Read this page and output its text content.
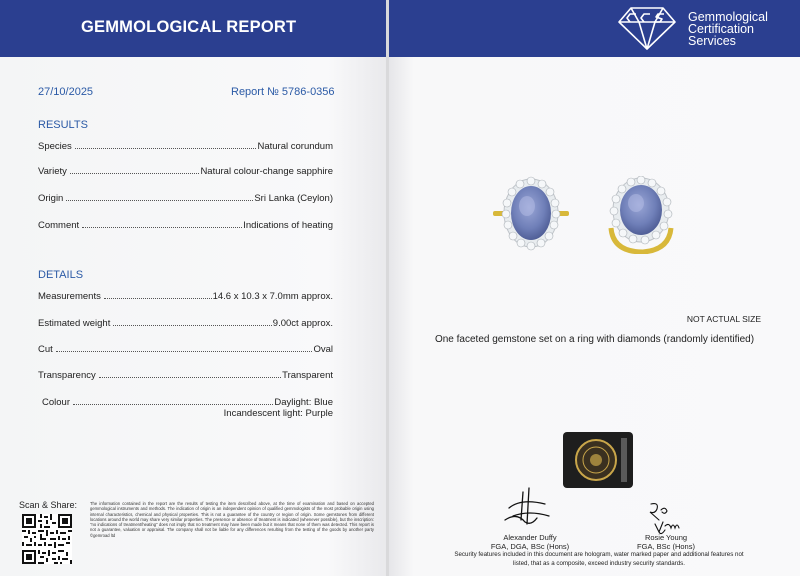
GEMMOLOGICAL REPORT
27/10/2025	Report № 5786-0356
RESULTS
Species	Natural corundum
Variety	Natural colour-change sapphire
Origin	Sri Lanka (Ceylon)
Comment	Indications of heating
DETAILS
Measurements	14.6 x 10.3 x 7.0mm approx.
Estimated weight	9.00ct approx.
Cut	Oval
Transparency	Transparent
Colour	Daylight: Blue
Incandescent light: Purple
Scan & Share:	The information contained in the report are the results of testing the item described above, at the time of examination and based on accepted gemmological instruments and methods. The indication of origin is an independent opinion of qualified gemmologists of the most probable origin using internal characteristics, chemical and physical properties. This is not a guarantee of the country or region of origin. Some gemstones from different locations around the world may share very similar properties. The presence or absence of treatment is indicated (whenever possible), but the inscription: "no indications of treatment/heating" does not imply that no treatment may have been made but it means that none of them was detected. This report is not a guarantee, valuation or appraisal. The company shall not be liable for any differences resulting from the testing of the goods by another party ©gemroad ltd
Gemmological
Certification
Services
NOT ACTUAL SIZE
One faceted gemstone set on a ring with diamonds (randomly identified)
Alexander Duffy
FGA, DGA, BSc (Hons)
Rosie Young
FGA, BSc (Hons)
Security features included in this document are hologram, water marked paper and additional features not listed, that as a composite, exceed industry security standards.
